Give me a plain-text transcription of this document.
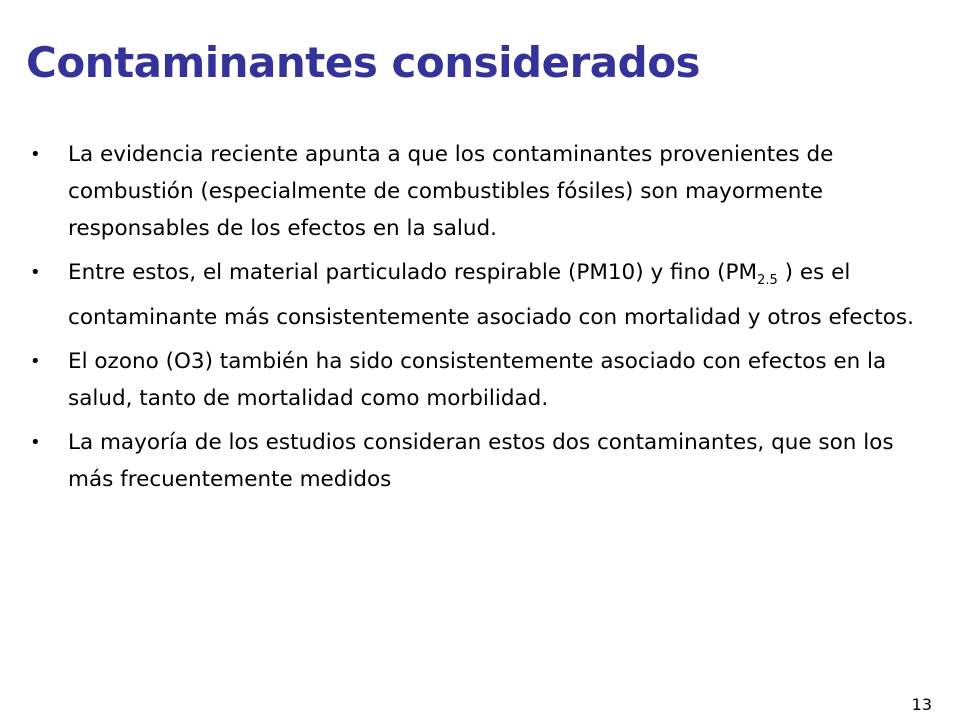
Contaminantes considerados
• La evidencia reciente apunta a que los contaminantes provenientes de combustión (especialmente de combustibles fósiles) son mayormente responsables de los efectos en la salud.
• Entre estos, el material particulado respirable (PM10) y fino ($PM_{2.5}$ ) es el contaminante más consistentemente asociado con mortalidad y otros efectos.
• El ozono (O3) también ha sido consistentemente asociado con efectos en la salud, tanto de mortalidad como morbilidad.
• La mayoría de los estudios consideran estos dos contaminantes, que son los más frecuentemente medidos
13
